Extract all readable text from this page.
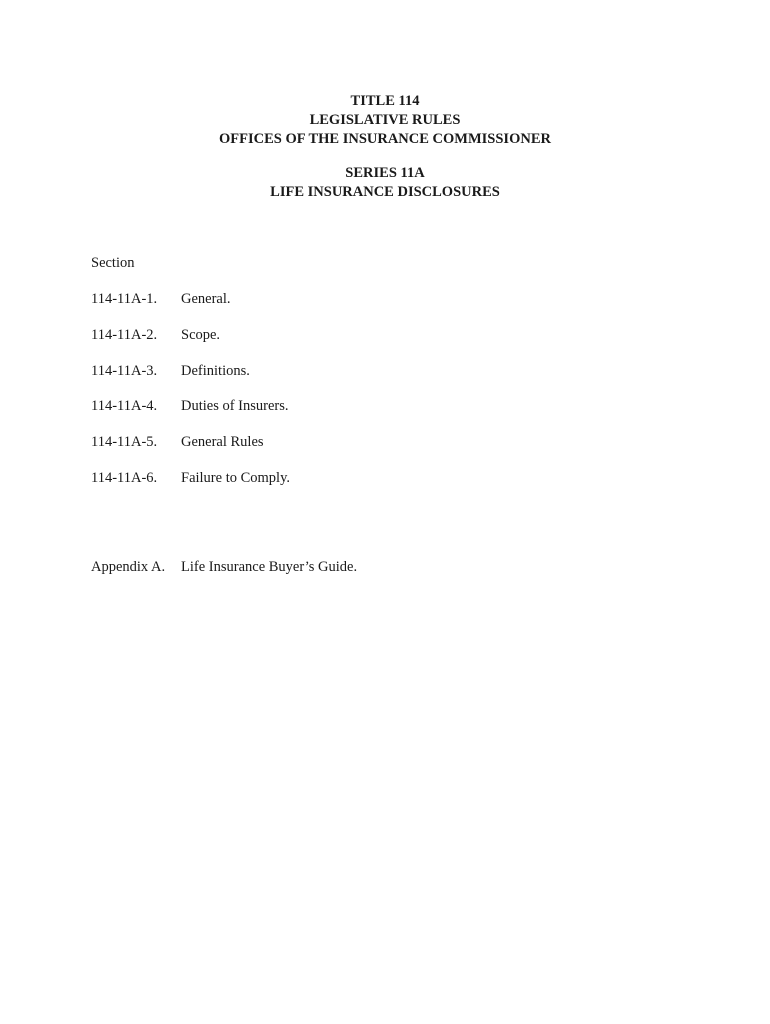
TITLE 114
LEGISLATIVE RULES
OFFICES OF THE INSURANCE COMMISSIONER
SERIES 11A
LIFE INSURANCE DISCLOSURES
Section
114-11A-1. General.
114-11A-2. Scope.
114-11A-3. Definitions.
114-11A-4. Duties of Insurers.
114-11A-5. General Rules
114-11A-6. Failure to Comply.
Appendix A. Life Insurance Buyer’s Guide.
